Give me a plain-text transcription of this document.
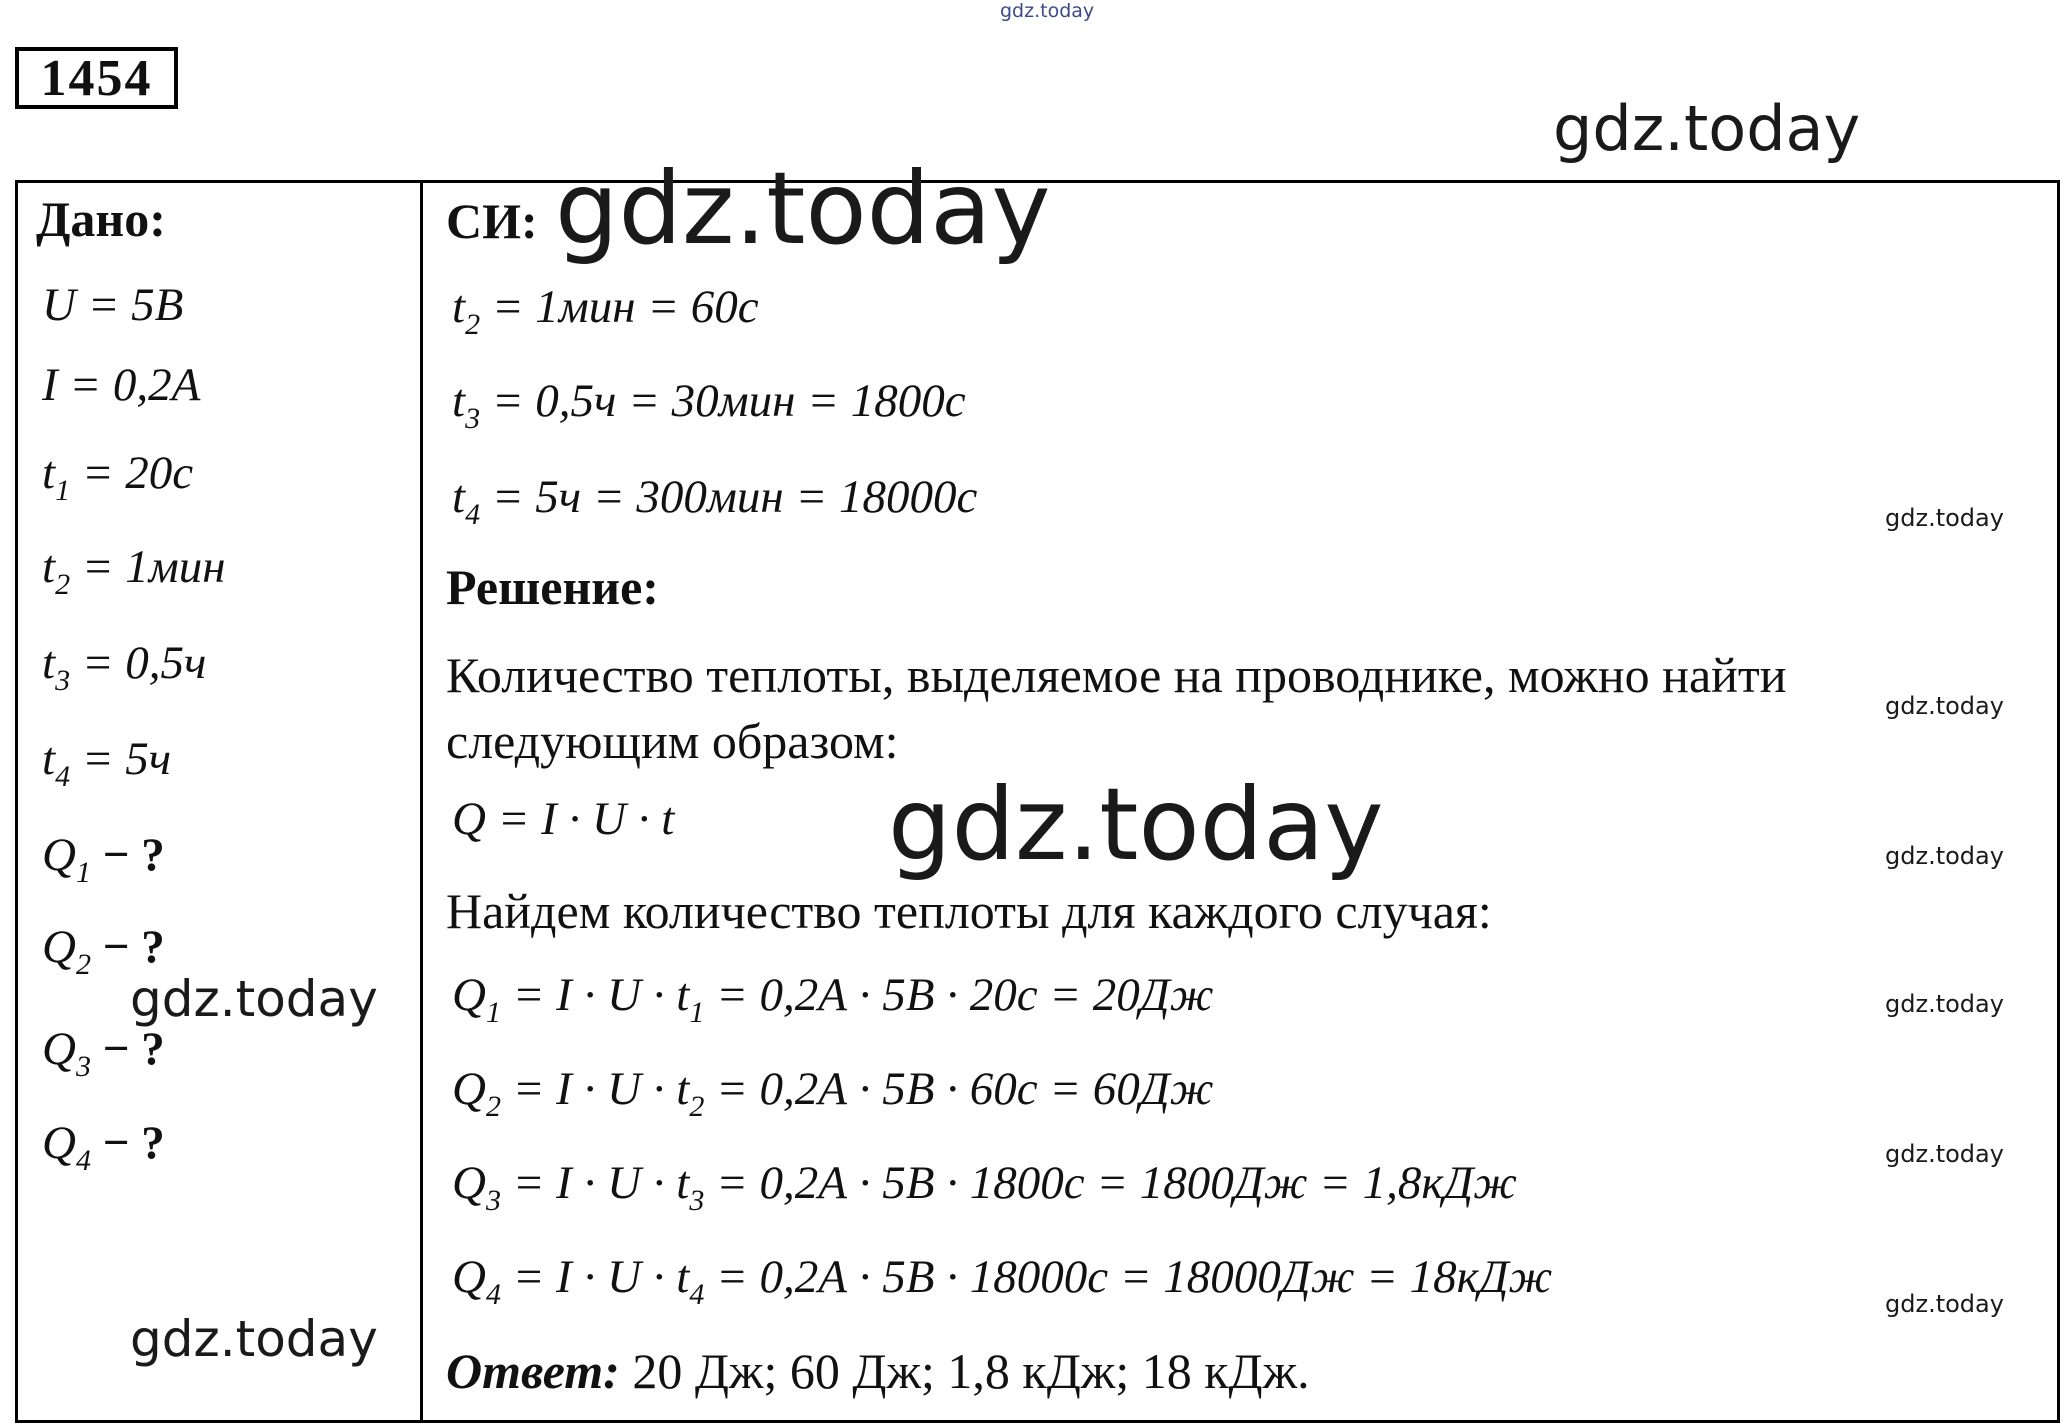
gdz.today
gdz.today
1454
Дано:
U = 5В
I = 0,2А
$t_1 = 20с$
$t_2 = 1мин$
$t_3 = 0,5ч$
$t_4 = 5ч$
$Q_1$ − ?
$Q_2$ − ?
$Q_3$ − ?
$Q_4$ − ?
gdz.today
gdz.today
СИ: gdz.today
$t_2 = 1мин = 60с$
$t_3 = 0,5ч = 30мин = 1800с$
$t_4 = 5ч = 300мин = 18000с$
Решение:
Количество теплоты, выделяемое на проводнике, можно найти
следующим образом:
Q = I · U · t gdz.today
Найдем количество теплоты для каждого случая:
$Q_1 = I \cdot U \cdot t_1 = 0,2А \cdot 5В \cdot 20с = 20Дж$
$Q_2 = I \cdot U \cdot t_2 = 0,2А \cdot 5В \cdot 60с = 60Дж$
$Q_3 = I \cdot U \cdot t_3 = 0,2А \cdot 5В \cdot 1800с = 1800Дж = 1,8кДж$
$Q_4 = I \cdot U \cdot t_4 = 0,2А \cdot 5В \cdot 18000с = 18000Дж = 18кДж$
Ответ: 20 Дж; 60 Дж; 1,8 кДж; 18 кДж.
gdz.today
gdz.today
gdz.today
gdz.today
gdz.today
gdz.today
